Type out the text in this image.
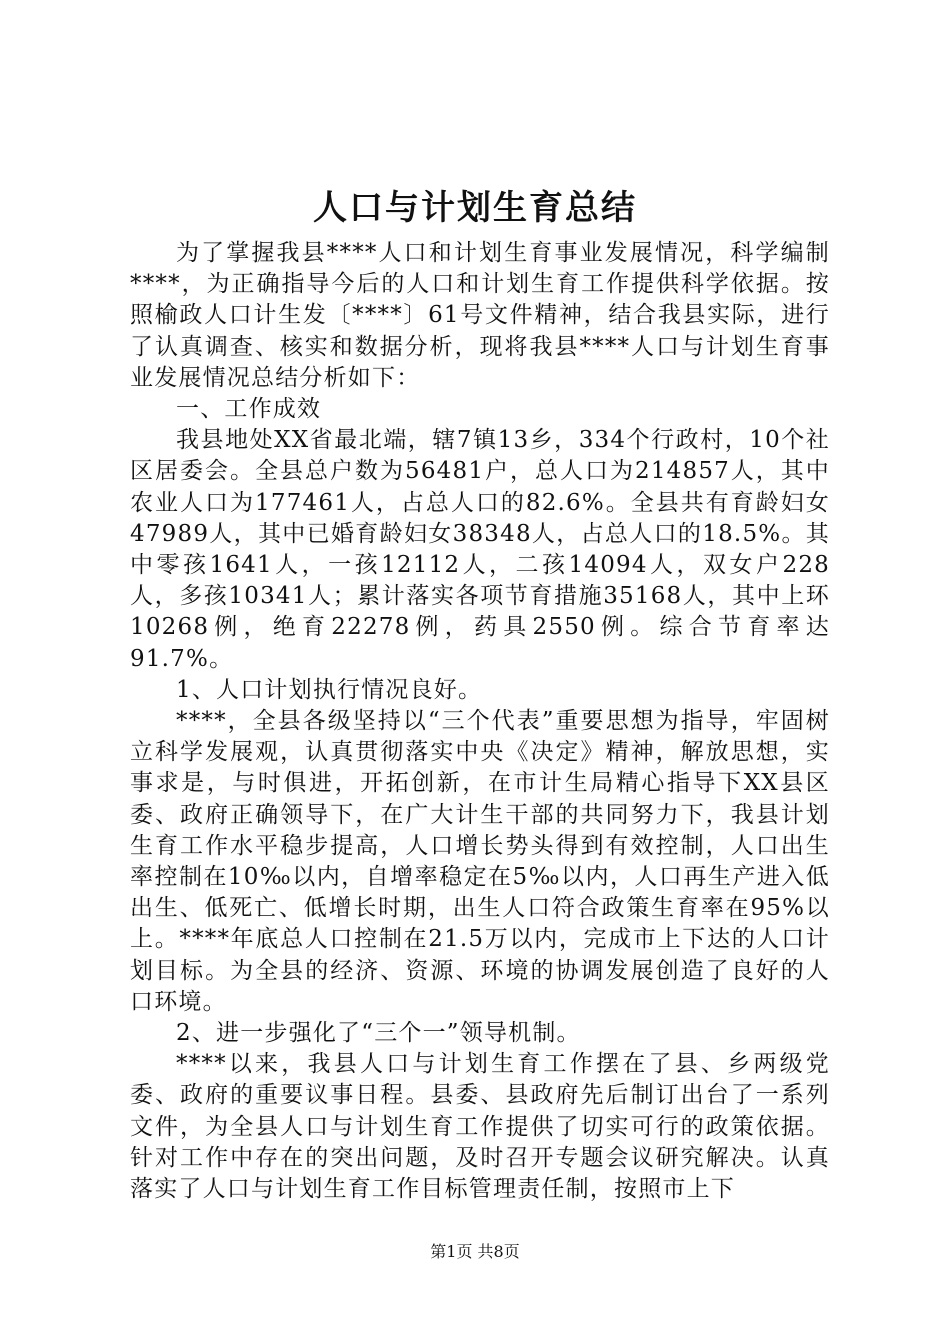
人口与计划生育总结

为了掌握我县****人口和计划生育事业发展情况，科学编制****，为正确指导今后的人口和计划生育工作提供科学依据。按照榆政人口计生发〔****〕61号文件精神，结合我县实际，进行了认真调查、核实和数据分析，现将我县****人口与计划生育事业发展情况总结分析如下：

一、工作成效

我县地处XX省最北端，辖7镇13乡，334个行政村，10个社区居委会。全县总户数为56481户，总人口为214857人，其中农业人口为177461人，占总人口的82.6%。全县共有育龄妇女47989人，其中已婚育龄妇女38348人，占总人口的18.5%。其中零孩1641人，一孩12112人，二孩14094人，双女户228人，多孩10341人；累计落实各项节育措施35168人，其中上环10268例，绝育22278例，药具2550例。综合节育率达91.7%。

1、人口计划执行情况良好。

****，全县各级坚持以“三个代表”重要思想为指导，牢固树立科学发展观，认真贯彻落实中央《决定》精神，解放思想，实事求是，与时俱进，开拓创新，在市计生局精心指导下XX县区委、政府正确领导下，在广大计生干部的共同努力下，我县计划生育工作水平稳步提高，人口增长势头得到有效控制，人口出生率控制在10‰以内，自增率稳定在5‰以内，人口再生产进入低出生、低死亡、低增长时期，出生人口符合政策生育率在95%以上。****年底总人口控制在21.5万以内，完成市上下达的人口计划目标。为全县的经济、资源、环境的协调发展创造了良好的人口环境。

2、进一步强化了“三个一”领导机制。

****以来，我县人口与计划生育工作摆在了县、乡两级党委、政府的重要议事日程。县委、县政府先后制订出台了一系列文件，为全县人口与计划生育工作提供了切实可行的政策依据。针对工作中存在的突出问题，及时召开专题会议研究解决。认真落实了人口与计划生育工作目标管理责任制，按照市上下

第1页 共8页
